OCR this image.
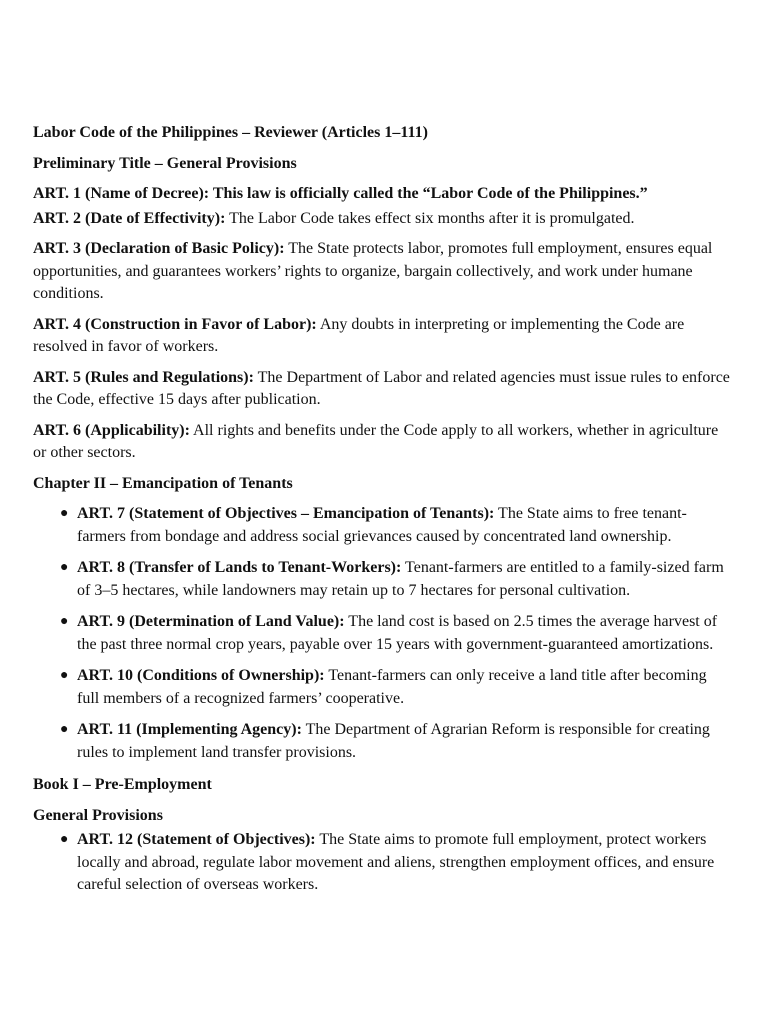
Labor Code of the Philippines – Reviewer (Articles 1–111)

Preliminary Title – General Provisions

ART. 1 (Name of Decree): This law is officially called the “Labor Code of the Philippines.”

ART. 2 (Date of Effectivity): The Labor Code takes effect six months after it is promulgated.

ART. 3 (Declaration of Basic Policy): The State protects labor, promotes full employment, ensures equal opportunities, and guarantees workers’ rights to organize, bargain collectively, and work under humane conditions.

ART. 4 (Construction in Favor of Labor): Any doubts in interpreting or implementing the Code are resolved in favor of workers.

ART. 5 (Rules and Regulations): The Department of Labor and related agencies must issue rules to enforce the Code, effective 15 days after publication.

ART. 6 (Applicability): All rights and benefits under the Code apply to all workers, whether in agriculture or other sectors.

Chapter II – Emancipation of Tenants

● ART. 7 (Statement of Objectives – Emancipation of Tenants): The State aims to free tenant-farmers from bondage and address social grievances caused by concentrated land ownership.
● ART. 8 (Transfer of Lands to Tenant-Workers): Tenant-farmers are entitled to a family-sized farm of 3–5 hectares, while landowners may retain up to 7 hectares for personal cultivation.
● ART. 9 (Determination of Land Value): The land cost is based on 2.5 times the average harvest of the past three normal crop years, payable over 15 years with government-guaranteed amortizations.
● ART. 10 (Conditions of Ownership): Tenant-farmers can only receive a land title after becoming full members of a recognized farmers’ cooperative.
● ART. 11 (Implementing Agency): The Department of Agrarian Reform is responsible for creating rules to implement land transfer provisions.

Book I – Pre-Employment

General Provisions

● ART. 12 (Statement of Objectives): The State aims to promote full employment, protect workers locally and abroad, regulate labor movement and aliens, strengthen employment offices, and ensure careful selection of overseas workers.
